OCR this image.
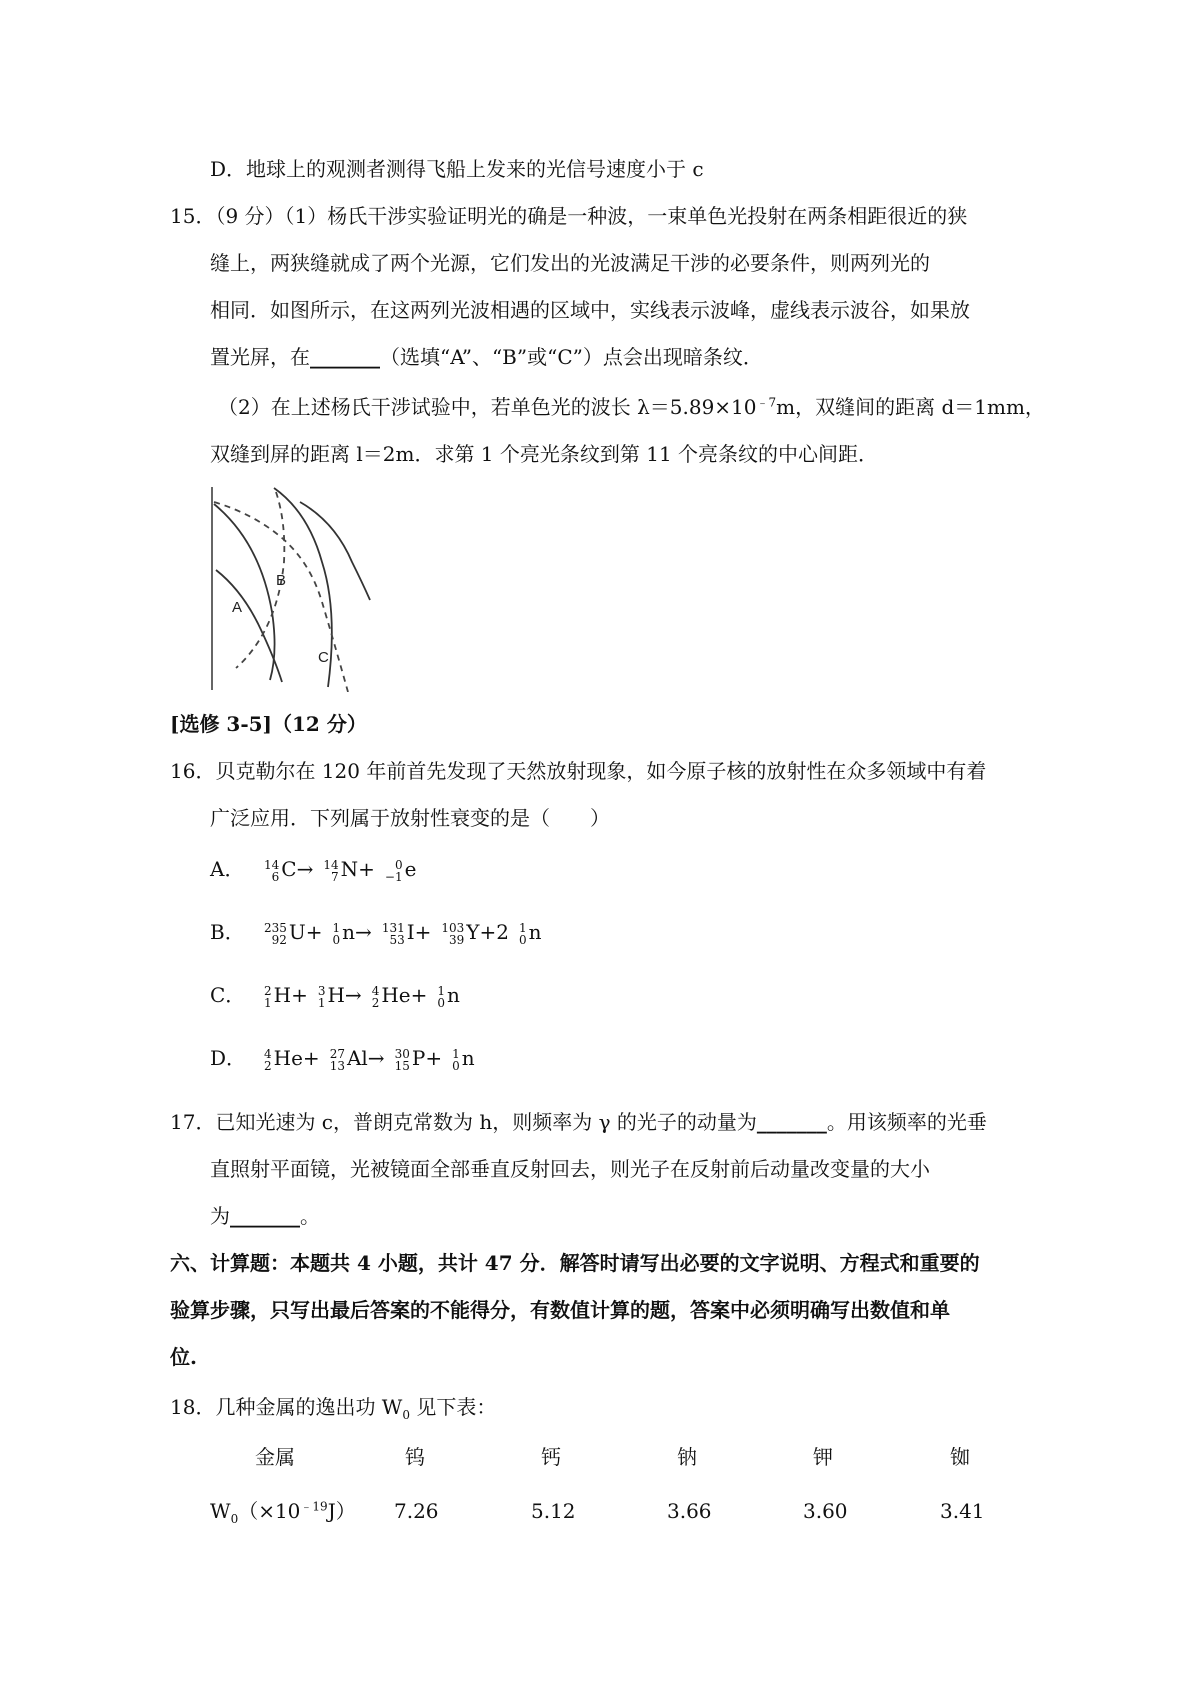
D．地球上的观测者测得飞船上发来的光信号速度小于 c
15．（9 分）（1）杨氏干涉实验证明光的确是一种波，一束单色光投射在两条相距很近的狭
缝上，两狭缝就成了两个光源，它们发出的光波满足干涉的必要条件，则两列光的
相同．如图所示，在这两列光波相遇的区域中，实线表示波峰，虚线表示波谷，如果放
置光屏，在_______（选填“A”、“B”或“C”）点会出现暗条纹．
（2）在上述杨氏干涉试验中，若单色光的波长 $\lambda=5.89\times 10^{﹣7}m$，双缝间的距离 d＝1mm，
双缝到屏的距离 l＝2m．求第 1 个亮光条纹到第 11 个亮条纹的中心间距．
A
B
C
[选修 3-5]（12 分）
16．贝克勒尔在 120 年前首先发现了天然放射现象，如今原子核的放射性在众多领域中有着
广泛应用．下列属于放射性衰变的是（　　）
A． 14
6 C→ 14
7 N+	0
−1 e
B． 235
92 U+ 1
0 n→ 131
53 I+ 103
39 Y+2 1
0 n
C． 2
1 H+ 3
1 H→ 4
2 He+ 1
0 n
D． 4
2 He+ 27
13 Al→ 30
15 P+ 1
0 n
17．已知光速为 c，普朗克常数为 h，则频率为 γ 的光子的动量为_______。用该频率的光垂
直照射平面镜，光被镜面全部垂直反射回去，则光子在反射前后动量改变量的大小
为_______。
六、计算题：本题共 4 小题，共计 47 分．解答时请写出必要的文字说明、方程式和重要的
验算步骤，只写出最后答案的不能得分，有数值计算的题，答案中必须明确写出数值和单
位.
18．几种金属的逸出功 $W_0$ 见下表：
金属	钨	钙	钠	钾	铷
$W_0(\times 10^{﹣19}J)$ 7.26	5.12	3.66	3.60	3.41
